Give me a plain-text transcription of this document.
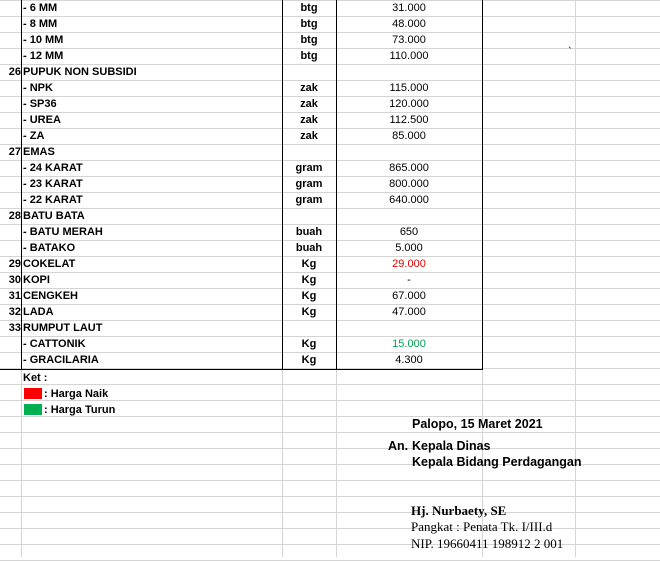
- 6 MM	btg	31.000
- 8 MM	btg	48.000
- 10 MM	btg	73.000
- 12 MM	btg	110.000
26 PUPUK NON SUBSIDI
- NPK	zak	115.000
- SP36	zak	120.000
- UREA	zak	112.500
- ZA	zak	85.000
27 EMAS
- 24 KARAT	gram	865.000
- 23 KARAT	gram	800.000
- 22 KARAT	gram	640.000
28 BATU BATA
- BATU MERAH	buah	650
- BATAKO	buah	5.000
29 COKELAT	Kg	29.000
30 KOPI	Kg	-
31 CENGKEH	Kg	67.000
32 LADA	Kg	47.000
33 RUMPUT LAUT
- CATTONIK	Kg	15.000
- GRACILARIA	Kg	4.300
`
Ket :
: Harga Naik
: Harga Turun
Palopo, 15 Maret 2021
An. Kepala Dinas
Kepala Bidang Perdagangan
Hj. Nurbaety, SE
Pangkat : Penata Tk. I/III.d
NIP. 19660411 198912 2 001
